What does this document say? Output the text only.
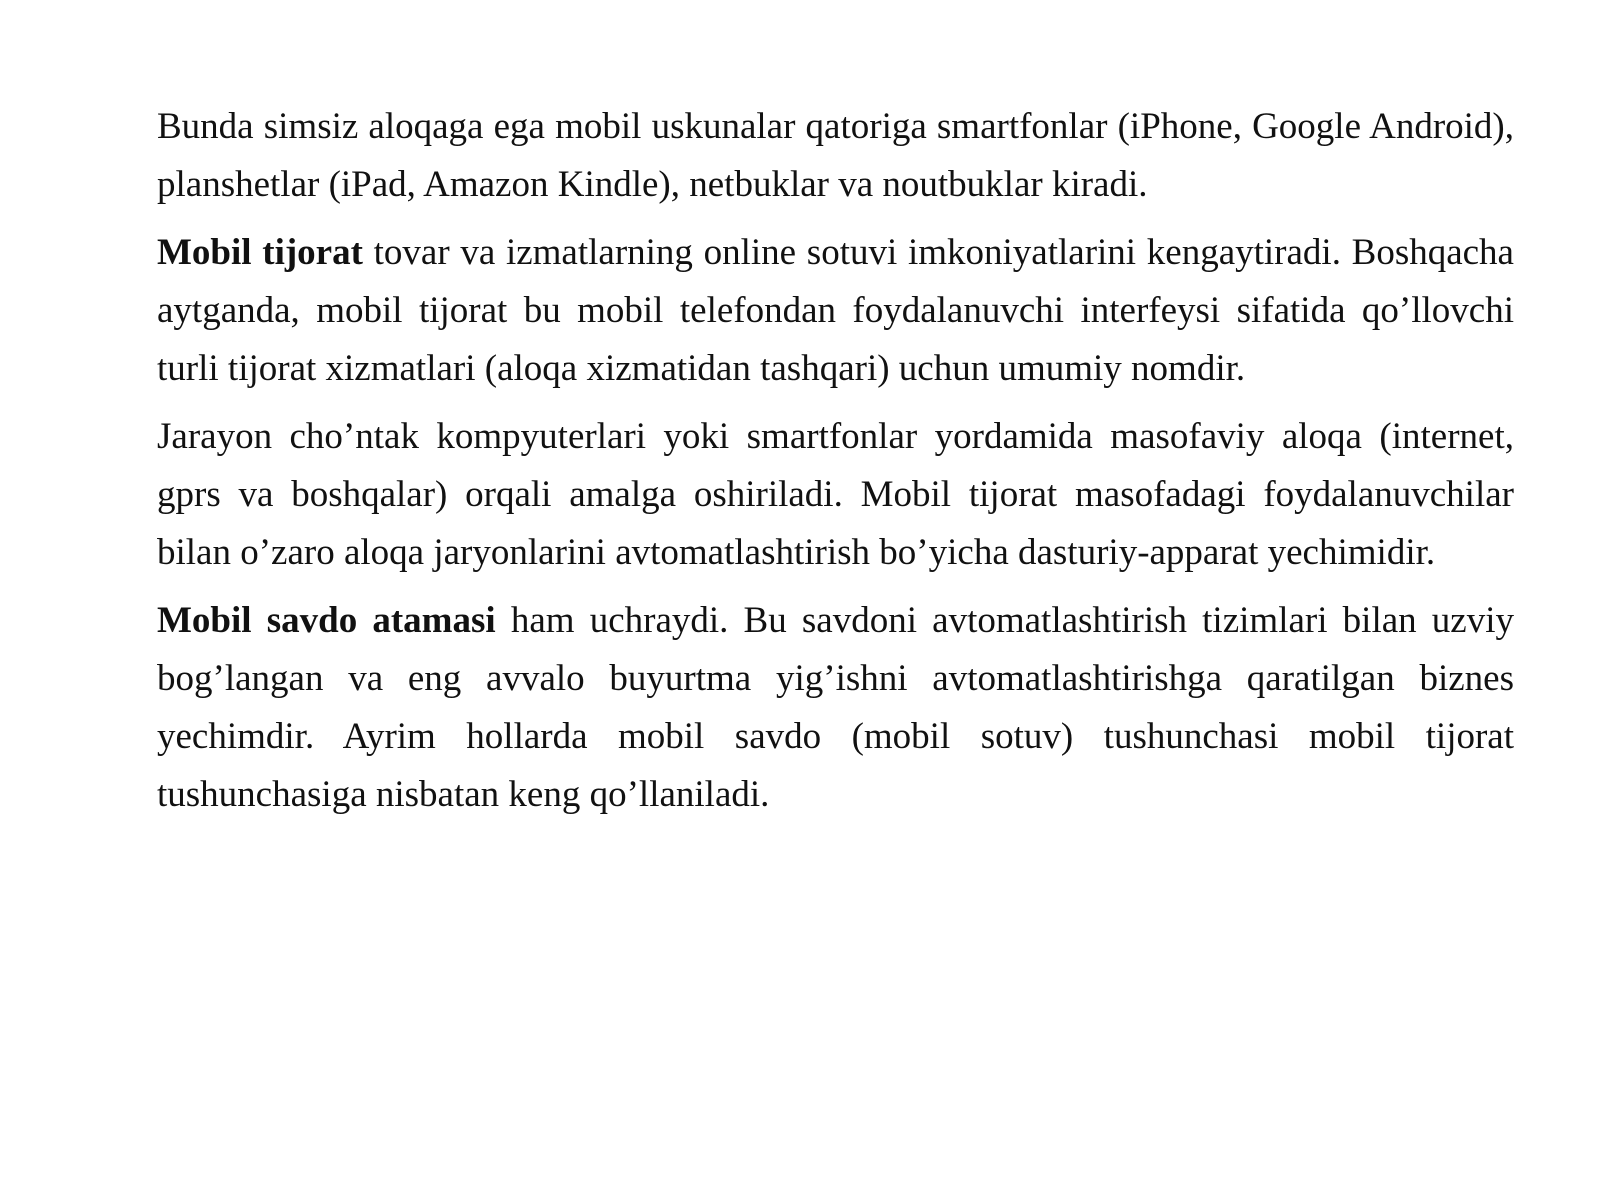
Bunda simsiz aloqaga ega mobil uskunalar qatoriga smartfonlar (iPhone, Google Android), planshetlar (iPad, Amazon Kindle), netbuklar va noutbuklar kiradi.

Mobil tijorat tovar va izmatlarning online sotuvi imkoniyatlarini kengaytiradi. Boshqacha aytganda, mobil tijorat bu mobil telefondan foydalanuvchi interfeysi sifatida qo’llovchi turli tijorat xizmatlari (aloqa xizmatidan tashqari) uchun umumiy nomdir.

Jarayon cho’ntak kompyuterlari yoki smartfonlar yordamida masofaviy aloqa (internet, gprs va boshqalar) orqali amalga oshiriladi. Mobil tijorat masofadagi foydalanuvchilar bilan o’zaro aloqa jaryonlarini avtomatlashtirish bo’yicha dasturiy-apparat yechimidir.

Mobil savdo atamasi ham uchraydi. Bu savdoni avtomatlashtirish tizimlari bilan uzviy bog’langan va eng avvalo buyurtma yig’ishni avtomatlashtirishga qaratilgan biznes yechimdir. Ayrim hollarda mobil savdo (mobil sotuv) tushunchasi mobil tijorat tushunchasiga nisbatan keng qo’llaniladi.
